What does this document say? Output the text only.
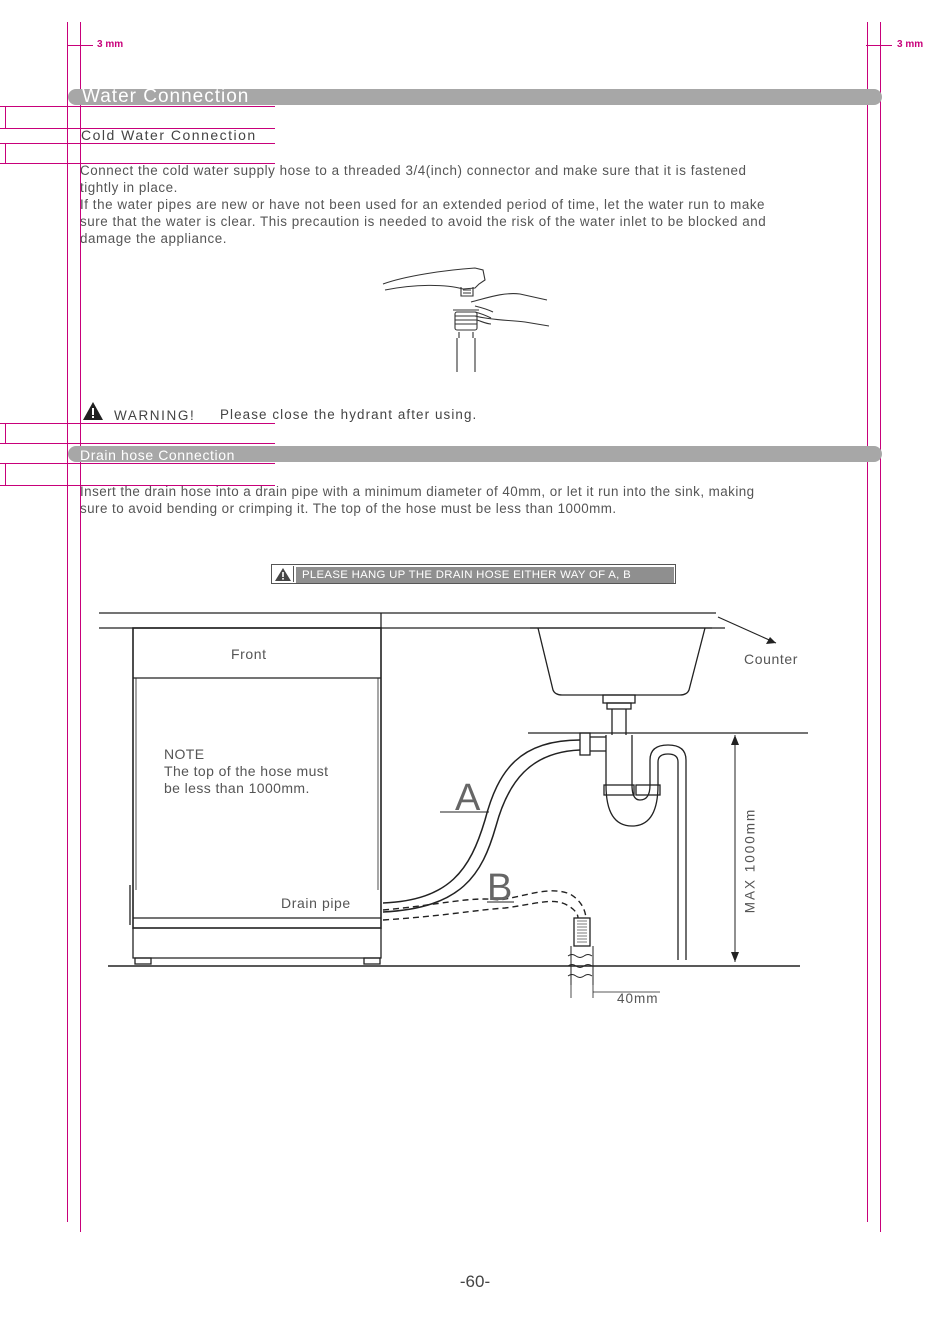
3 mm	3 mm
Water Connection
Cold Water Connection
Connect the cold water supply hose to a threaded 3/4(inch) connector and make sure that it is fastened
tightly in place.
If the water pipes are new or have not been used for an extended period of time, let the water run to make
sure that the water is clear. This precaution is needed to avoid the risk of the water inlet to be blocked and
damage the appliance.
WARNING! Please close the hydrant after using.
Drain hose Connection
Insert the drain hose into a drain pipe with a minimum diameter of 40mm, or let it run into the sink, making
sure to avoid bending or crimping it. The top of the hose must be less than 1000mm.
PLEASE HANG UP THE DRAIN HOSE EITHER WAY OF A, B
Front	Counter
NOTE
The top of the hose must
be less than 1000mm.
Drain pipe
A
B	MAX 1000mm
40mm
-60-
